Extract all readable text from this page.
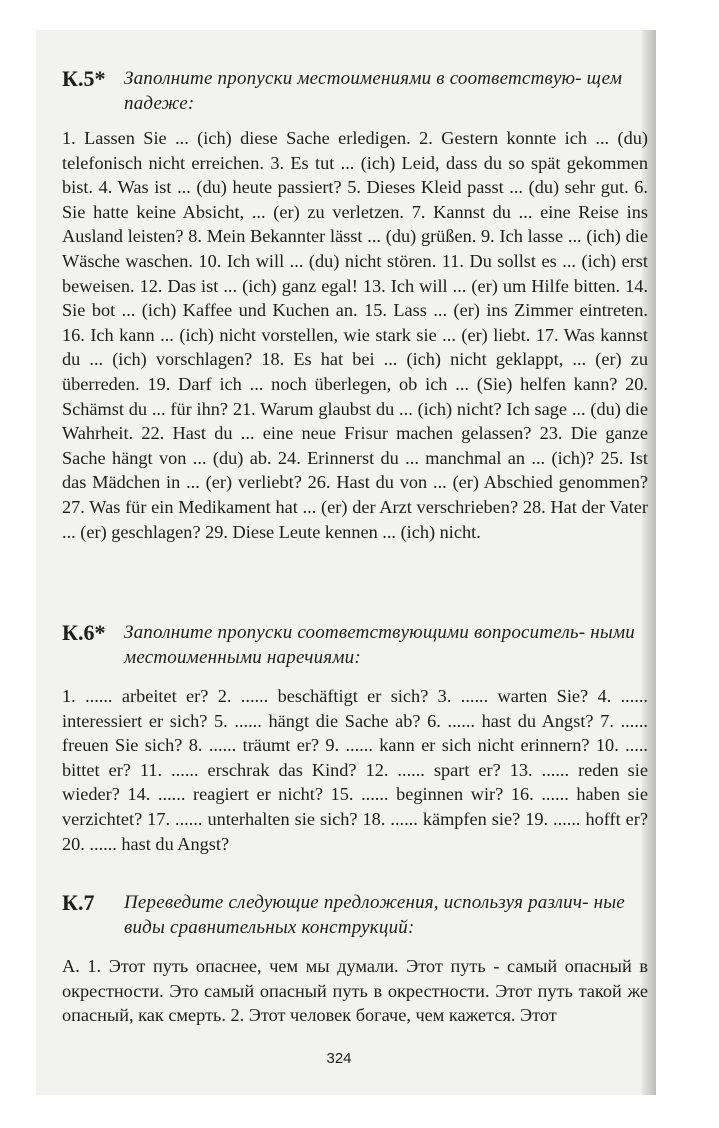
К.5* Заполните пропуски местоимениями в соответствую- щем падеже:

1. Lassen Sie ... (ich) diese Sache erledigen. 2. Gestern konnte ich ... (du) telefonisch nicht erreichen. 3. Es tut ... (ich) Leid, dass du so spät gekommen bist. 4. Was ist ... (du) heute passiert? 5. Dieses Kleid passt ... (du) sehr gut. 6. Sie hatte keine Absicht, ... (er) zu verletzen. 7. Kannst du ... eine Reise ins Ausland leisten? 8. Mein Bekannter lässt ... (du) grüßen. 9. Ich lasse ... (ich) die Wäsche waschen. 10. Ich will ... (du) nicht stören. 11. Du sollst es ... (ich) erst beweisen. 12. Das ist ... (ich) ganz egal! 13. Ich will ... (er) um Hilfe bitten. 14. Sie bot ... (ich) Kaffee und Kuchen an. 15. Lass ... (er) ins Zimmer eintreten. 16. Ich kann ... (ich) nicht vorstellen, wie stark sie ... (er) liebt. 17. Was kannst du ... (ich) vorschlagen? 18. Es hat bei ... (ich) nicht geklappt, ... (er) zu überreden. 19. Darf ich ... noch überlegen, ob ich ... (Sie) helfen kann? 20. Schämst du ... für ihn? 21. Warum glaubst du ... (ich) nicht? Ich sage ... (du) die Wahrheit. 22. Hast du ... eine neue Frisur machen gelassen? 23. Die ganze Sache hängt von ... (du) ab. 24. Erinnerst du ... manchmal an ... (ich)? 25. Ist das Mädchen in ... (er) verliebt? 26. Hast du von ... (er) Abschied genommen? 27. Was für ein Medikament hat ... (er) der Arzt verschrieben? 28. Hat der Vater ... (er) geschlagen? 29. Diese Leute kennen ... (ich) nicht.

К.6* Заполните пропуски соответствующими вопроситель- ными местоименными наречиями:

1. ...... arbeitet er? 2. ...... beschäftigt er sich? 3. ...... warten Sie? 4. ...... interessiert er sich? 5. ...... hängt die Sache ab? 6. ...... hast du Angst? 7. ...... freuen Sie sich? 8. ...... träumt er? 9. ...... kann er sich nicht erinnern? 10. ..... bittet er? 11. ...... erschrak das Kind? 12. ...... spart er? 13. ...... reden sie wieder? 14. ...... reagiert er nicht? 15. ...... beginnen wir? 16. ...... haben sie verzichtet? 17. ...... unterhalten sie sich? 18. ...... kämpfen sie? 19. ...... hofft er? 20. ...... hast du Angst?

К.7 Переведите следующие предложения, используя различ- ные виды сравнительных конструкций:

А. 1. Этот путь опаснее, чем мы думали. Этот путь - самый опасный в окрестности. Это самый опасный путь в окрестности. Этот путь такой же опасный, как смерть. 2. Этот человек богаче, чем кажется. Этот

324
